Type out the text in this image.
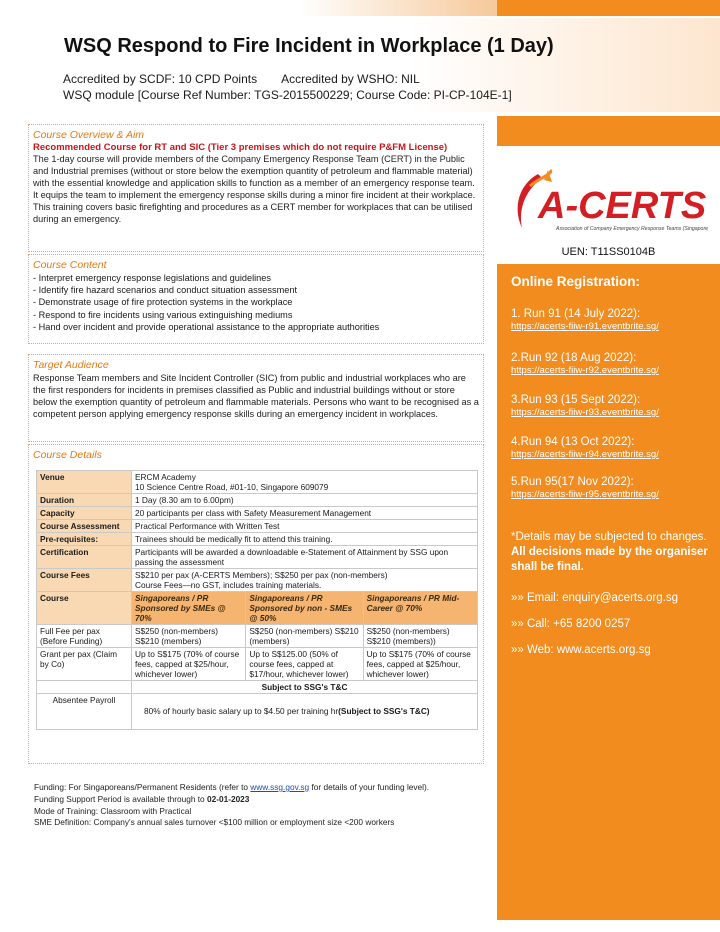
WSQ Respond to Fire Incident in Workplace (1 Day)
Accredited by SCDF: 10 CPD Points Accredited by WSHO: NIL
WSQ module [Course Ref Number: TGS-2015500229; Course Code: PI-CP-104E-1]
Course Overview & Aim
Recommended Course for RT and SIC (Tier 3 premises which do not require P&FM License)
The 1-day course will provide members of the Company Emergency Response Team (CERT) in the Public and Industrial premises (without or store below the exemption quantity of petroleum and flammable material) with the essential knowledge and application skills to function as a member of an emergency response team. It equips the team to implement the emergency response skills during a minor fire incident at their workplace. This training covers basic firefighting and procedures as a CERT member for workplaces that can be utilised during an emergency.
Course Content
- Interpret emergency response legislations and guidelines
- Identify fire hazard scenarios and conduct situation assessment
- Demonstrate usage of fire protection systems in the workplace
- Respond to fire incidents using various extinguishing mediums
- Hand over incident and provide operational assistance to the appropriate authorities
Target Audience
Response Team members and Site Incident Controller (SIC) from public and industrial workplaces who are the first responders for incidents in premises classified as Public and industrial buildings without or store below the exemption quantity of petroleum and flammable materials. Persons who want to be recognised as a competent person applying emergency response skills during an emergency incident in workplaces.
Course Details
Venue	ERCM Academy
10 Science Centre Road, #01-10, Singapore 609079		

Duration	1 Day (8.30 am to 6.00pm)		
Capacity	20 participants per class with Safety Measurement Management		
Course Assessment	Practical Performance with Written Test		
Pre-requisites:	Trainees should be medically fit to attend this training.		
Certification	Participants will be awarded a downloadable e-Statement of Attainment by SSG upon passing the assessment		
Course Fees	S$210 per pax (A-CERTS Members); S$250 per pax (non-members)
Course Fees—no GST, includes training materials.		

Course	Singaporeans / PR Sponsored by SMEs @ 70%	Singaporeans / PR Sponsored by non - SMEs @ 50%	Singaporeans / PR Mid-Career @ 70%
Full Fee per pax (Before Funding)	S$250 (non-members) S$210 (members)	S$250 (non-members) S$210 (members)	S$250 (non-members) S$210 (members))
Grant per pax (Claim by Co)	Up to S$175 (70% of course fees, capped at $25/hour, whichever lower)	Up to S$125.00 (50% of course fees, capped at $17/hour, whichever lower)	Up to S$175 (70% of course fees, capped at $25/hour, whichever lower)
	Subject to SSG's T&C		
Absentee Payroll	80% of hourly basic salary up to $4.50 per training hr(Subject to SSG's T&C)		
Funding: For Singaporeans/Permanent Residents (refer to www.ssg.gov.sg for details of your funding level).
Funding Support Period is available through to 02-01-2023
Mode of Training: Classroom with Practical
SME Definition: Company's annual sales turnover <$100 million or employment size <200 workers
A-CERTS
Association of Company Emergency Response Teams (Singapore)
UEN: T11SS0104B
Online Registration:
1. Run 91 (14 July 2022):
https://acerts-fiiw-r91.eventbrite.sg/
2.Run 92 (18 Aug 2022):
https://acerts-fiiw-r92.eventbrite.sg/
3.Run 93 (15 Sept 2022):
https://acerts-fiiw-r93.eventbrite.sg/
4.Run 94 (13 Oct 2022):
https://acerts-fiiw-r94.eventbrite.sg/
5.Run 95(17 Nov 2022):
https://acerts-fiiw-r95.eventbrite.sg/
*Details may be subjected to changes. All decisions made by the organiser shall be final.
»» Email: enquiry@acerts.org.sg
»» Call: +65 8200 0257
»» Web: www.acerts.org.sg
